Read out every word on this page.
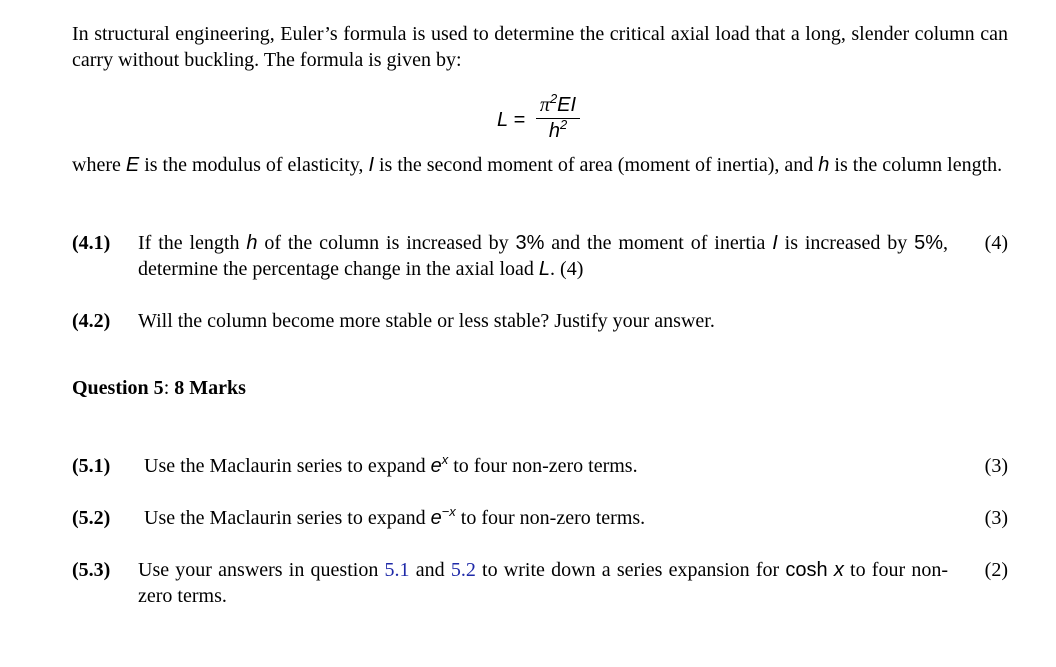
In structural engineering, Euler’s formula is used to determine the critical axial load that a long, slender column can carry without buckling. The formula is given by:
L =
$\pi^2EI$
$h^2$
where E is the modulus of elasticity, I is the second moment of area (moment of inertia), and h is the column length.
(4.1) If the length h of the column is increased by 3% and the moment of inertia I is increased by 5%, determine the percentage change in the axial load L. (4)
(4)
(4.2) Will the column become more stable or less stable? Justify your answer.
Question 5: 8 Marks
(5.1) Use the Maclaurin series to expand $e^x$ to four non-zero terms.	(3)
(5.2) Use the Maclaurin series to expand $e^{-x}$ to four non-zero terms.	(3)
(5.3) Use your answers in question 5.1 and 5.2 to write down a series expansion for cosh x to four non-zero terms.
(2)
